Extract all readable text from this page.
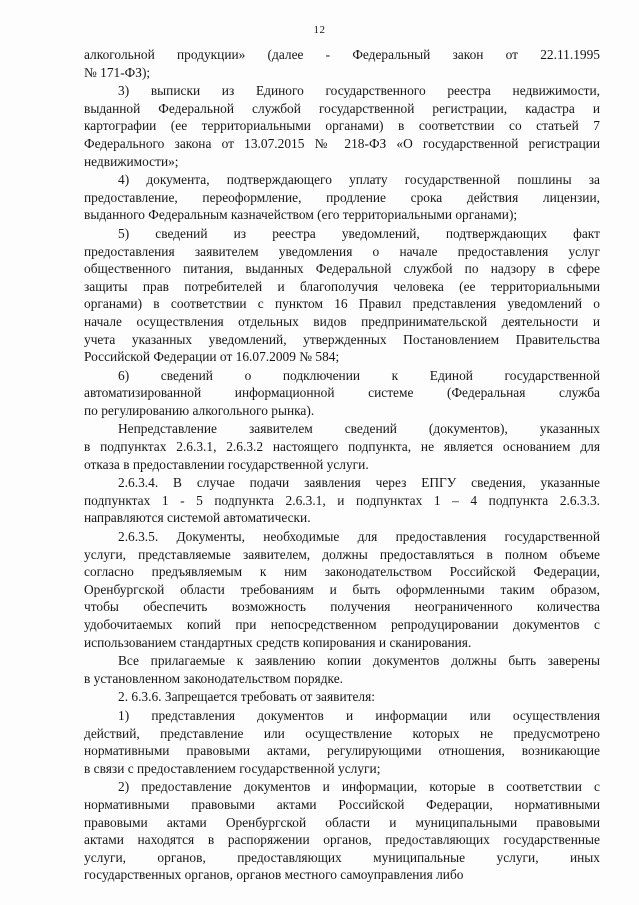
12
алкогольной продукции» (далее - Федеральный закон от 22.11.1995
№ 171-ФЗ);
3) выписки из Единого государственного реестра недвижимости,
выданной Федеральной службой государственной регистрации, кадастра и
картографии (ее территориальными органами) в соответствии со статьей 7
Федерального закона от 13.07.2015 № 218-ФЗ «О государственной регистрации
недвижимости»;
4) документа, подтверждающего уплату государственной пошлины за
предоставление, переоформление, продление срока действия лицензии,
выданного Федеральным казначейством (его территориальными органами);
5) сведений из реестра уведомлений, подтверждающих факт
предоставления заявителем уведомления о начале предоставления услуг
общественного питания, выданных Федеральной службой по надзору в сфере
защиты прав потребителей и благополучия человека (ее территориальными
органами) в соответствии с пунктом 16 Правил представления уведомлений о
начале осуществления отдельных видов предпринимательской деятельности и
учета указанных уведомлений, утвержденных Постановлением Правительства
Российской Федерации от 16.07.2009 № 584;
6) сведений о подключении к Единой государственной
автоматизированной информационной системе (Федеральная служба
по регулированию алкогольного рынка).
Непредставление заявителем сведений (документов), указанных
в подпунктах 2.6.3.1, 2.6.3.2 настоящего подпункта, не является основанием для
отказа в предоставлении государственной услуги.
2.6.3.4. В случае подачи заявления через ЕПГУ сведения, указанные
подпунктах 1 - 5 подпункта 2.6.3.1, и подпунктах 1 – 4 подпункта 2.6.3.3.
направляются системой автоматически.
2.6.3.5. Документы, необходимые для предоставления государственной
услуги, представляемые заявителем, должны предоставляться в полном объеме
согласно предъявляемым к ним законодательством Российской Федерации,
Оренбургской области требованиям и быть оформленными таким образом,
чтобы обеспечить возможность получения неограниченного количества
удобочитаемых копий при непосредственном репродуцировании документов с
использованием стандартных средств копирования и сканирования.
Все прилагаемые к заявлению копии документов должны быть заверены
в установленном законодательством порядке.
2. 6.3.6. Запрещается требовать от заявителя:
1) представления документов и информации или осуществления
действий, представление или осуществление которых не предусмотрено
нормативными правовыми актами, регулирующими отношения, возникающие
в связи с предоставлением государственной услуги;
2) предоставление документов и информации, которые в соответствии с
нормативными правовыми актами Российской Федерации, нормативными
правовыми актами Оренбургской области и муниципальными правовыми
актами находятся в распоряжении органов, предоставляющих государственные
услуги, органов, предоставляющих муниципальные услуги, иных
государственных органов, органов местного самоуправления либо
